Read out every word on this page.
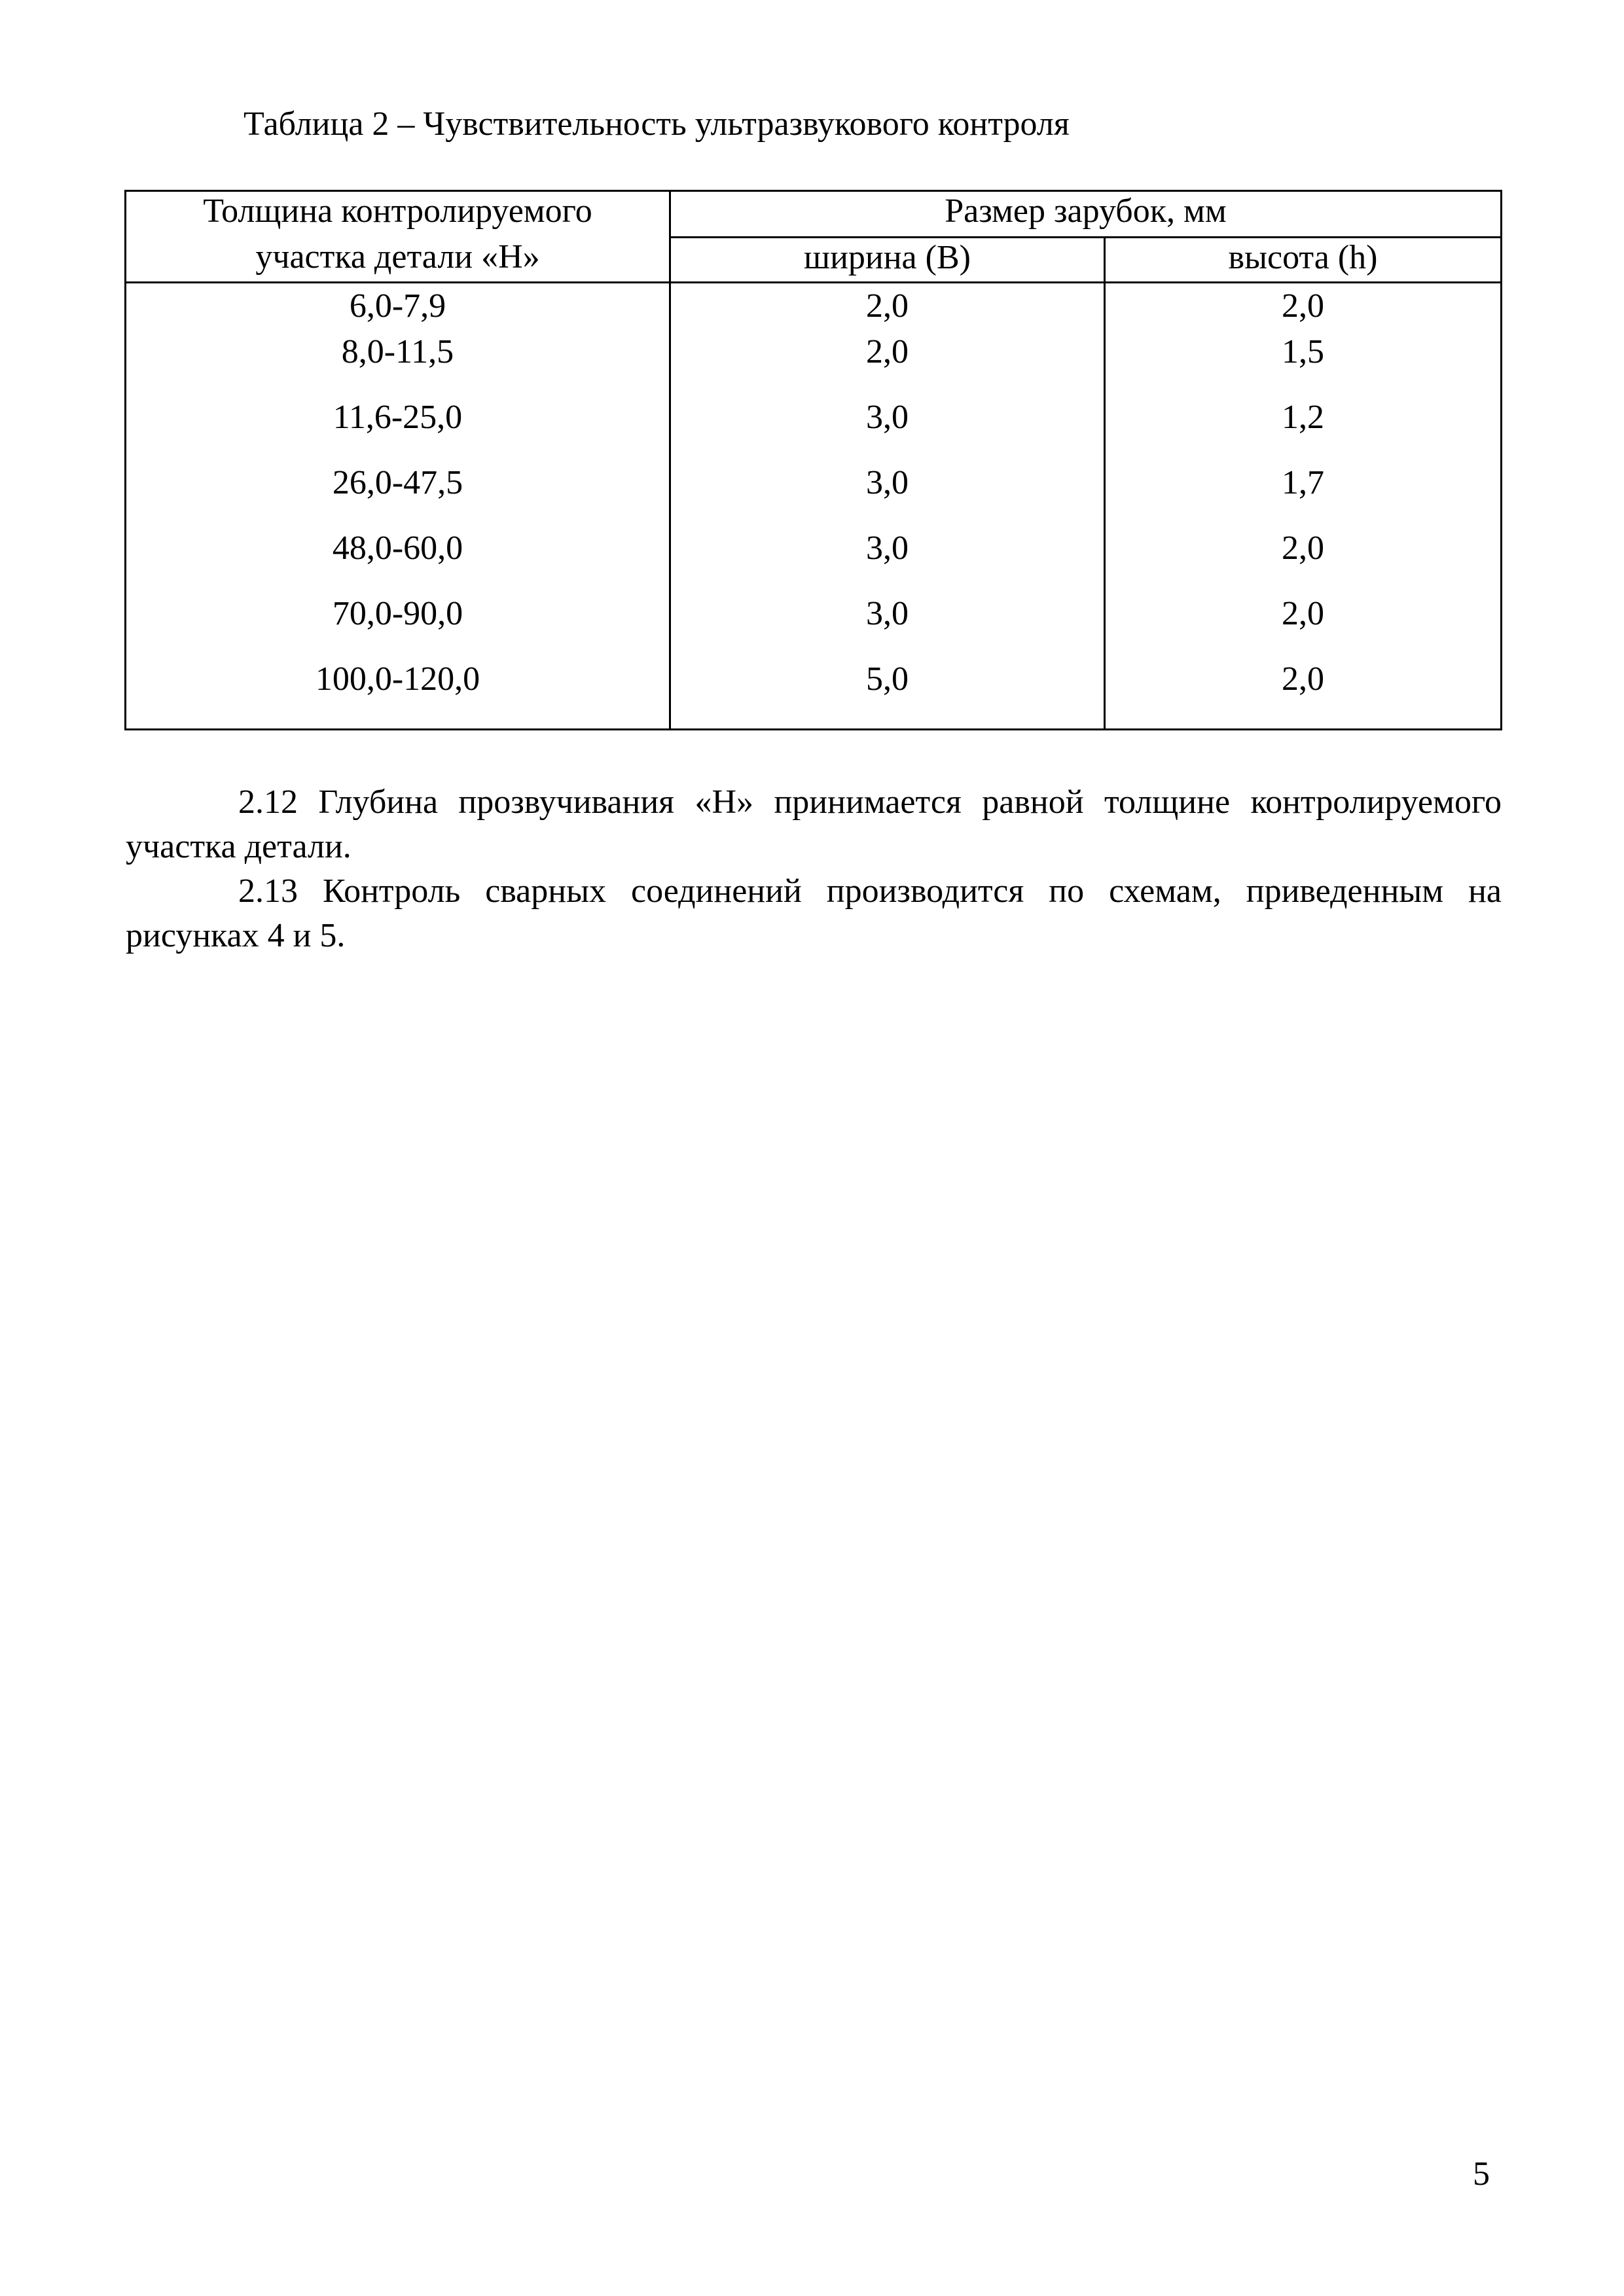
Таблица 2 – Чувствительность ультразвукового контроля
Толщина контролируемого	Размер зарубок, мм	
участка детали «Н»	ширина (B)	высота (h)
6,0-7,9	2,0	2,0
8,0-11,5	2,0	1,5
11,6-25,0	3,0	1,2
26,0-47,5	3,0	1,7
48,0-60,0	3,0	2,0
70,0-90,0	3,0	2,0
100,0-120,0	5,0	2,0
2.12 Глубина прозвучивания «Н» принимается равной толщине контролируемого участка детали.
2.13 Контроль сварных соединений производится по схемам, приведенным на рисунках 4 и 5.
5
